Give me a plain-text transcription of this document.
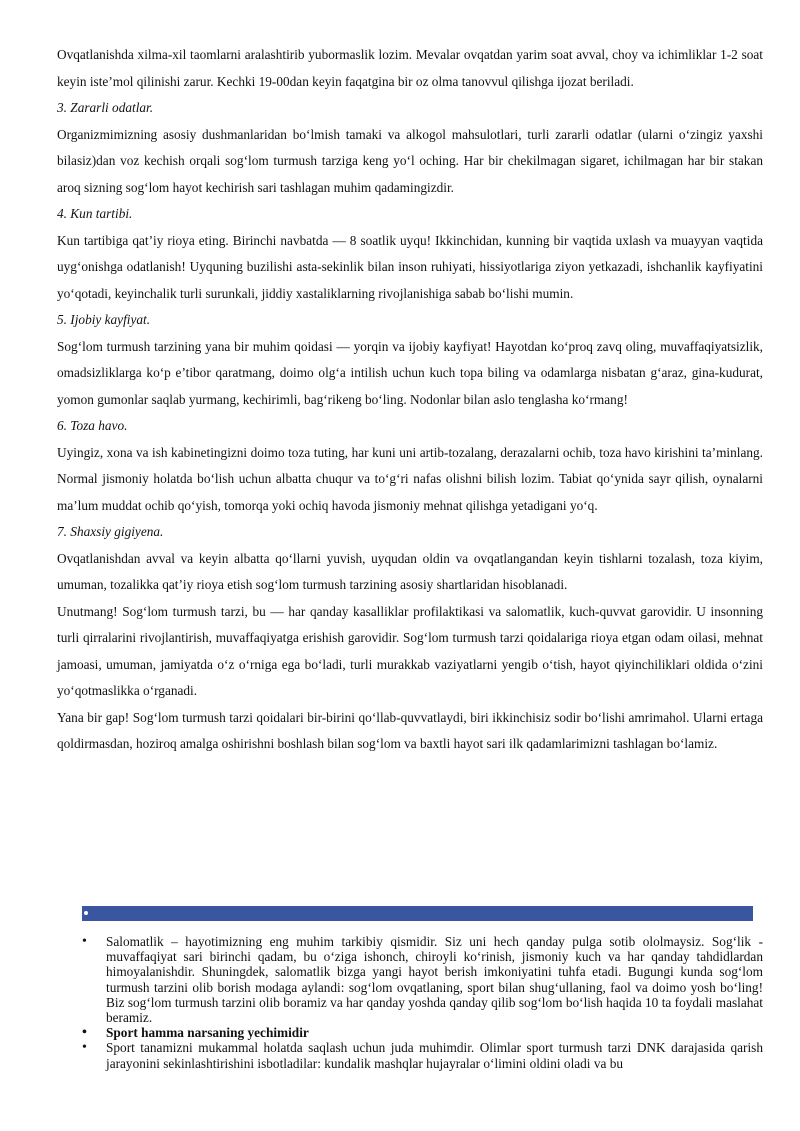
Ovqatlanishda xilma-xil taomlarni aralashtirib yubormaslik lozim. Mevalar ovqatdan yarim soat avval, choy va ichimliklar 1-2 soat keyin iste’mol qilinishi zarur. Kechki 19-00dan keyin faqatgina bir oz olma tanovvul qilishga ijozat beriladi.

3. Zararli odatlar.

Organizmimizning asosiy dushmanlaridan bo‘lmish tamaki va alkogol mahsulotlari, turli zararli odatlar (ularni o‘zingiz yaxshi bilasiz)dan voz kechish orqali sog‘lom turmush tarziga keng yo‘l oching. Har bir chekilmagan sigaret, ichilmagan har bir stakan aroq sizning sog‘lom hayot kechirish sari tashlagan muhim qadamingizdir.

4. Kun tartibi.

Kun tartibiga qat’iy rioya eting. Birinchi navbatda — 8 soatlik uyqu! Ikkinchidan, kunning bir vaqtida uxlash va muayyan vaqtida uyg‘onishga odatlanish! Uyquning buzilishi asta-sekinlik bilan inson ruhiyati, hissiyotlariga ziyon yetkazadi, ishchanlik kayfiyatini yo‘qotadi, keyinchalik turli surunkali, jiddiy xastaliklarning rivojlanishiga sabab bo‘lishi mumin.

5. Ijobiy kayfiyat.

Sog‘lom turmush tarzining yana bir muhim qoidasi — yorqin va ijobiy kayfiyat! Hayotdan ko‘proq zavq oling, muvaffaqiyatsizlik, omadsizliklarga ko‘p e’tibor qaratmang, doimo olg‘a intilish uchun kuch topa biling va odamlarga nisbatan g‘araz, gina-kudurat, yomon gumonlar saqlab yurmang, kechirimli, bag‘rikeng bo‘ling. Nodonlar bilan aslo tenglasha ko‘rmang!

6. Toza havo.

Uyingiz, xona va ish kabinetingizni doimo toza tuting, har kuni uni artib-tozalang, derazalarni ochib, toza havo kirishini ta’minlang. Normal jismoniy holatda bo‘lish uchun albatta chuqur va to‘g‘ri nafas olishni bilish lozim. Tabiat qo‘ynida sayr qilish, oynalarni ma’lum muddat ochib qo‘yish, tomorqa yoki ochiq havoda jismoniy mehnat qilishga yetadigani yo‘q.

7. Shaxsiy gigiyena.

Ovqatlanishdan avval va keyin albatta qo‘llarni yuvish, uyqudan oldin va ovqatlangandan keyin tishlarni tozalash, toza kiyim, umuman, tozalikka qat’iy rioya etish sog‘lom turmush tarzining asosiy shartlaridan hisoblanadi.

Unutmang! Sog‘lom turmush tarzi, bu — har qanday kasalliklar profilaktikasi va salomatlik, kuch-quvvat garovidir. U insonning turli qirralarini rivojlantirish, muvaffaqiyatga erishish garovidir. Sog‘lom turmush tarzi qoidalariga rioya etgan odam oilasi, mehnat jamoasi, umuman, jamiyatda o‘z o‘rniga ega bo‘ladi, turli murakkab vaziyatlarni yengib o‘tish, hayot qiyinchiliklari oldida o‘zini yo‘qotmaslikka o‘rganadi.

Yana bir gap! Sog‘lom turmush tarzi qoidalari bir-birini qo‘llab-quvvatlaydi, biri ikkinchisiz sodir bo‘lishi amrimahol. Ularni ertaga qoldirmasdan, hoziroq amalga oshirishni boshlash bilan sog‘lom va baxtli hayot sari ilk qadamlarimizni tashlagan bo‘lamiz.

• Salomatlik – hayotimizning eng muhim tarkibiy qismidir. Siz uni hech qanday pulga sotib ololmaysiz. Sog‘lik - muvaffaqiyat sari birinchi qadam, bu o‘ziga ishonch, chiroyli ko‘rinish, jismoniy kuch va har qanday tahdidlardan himoyalanishdir. Shuningdek, salomatlik bizga yangi hayot berish imkoniyatini tuhfa etadi. Bugungi kunda sog‘lom turmush tarzini olib borish modaga aylandi: sog‘lom ovqatlaning, sport bilan shug‘ullaning, faol va doimo yosh bo‘ling! Biz sog‘lom turmush tarzini olib boramiz va har qanday yoshda qanday qilib sog‘lom bo‘lish haqida 10 ta foydali maslahat beramiz.
• Sport hamma narsaning yechimidir
• Sport tanamizni mukammal holatda saqlash uchun juda muhimdir. Olimlar sport turmush tarzi DNK darajasida qarish jarayonini sekinlashtirishini isbotladilar: kundalik mashqlar hujayralar o‘limini oldini oladi va bu
